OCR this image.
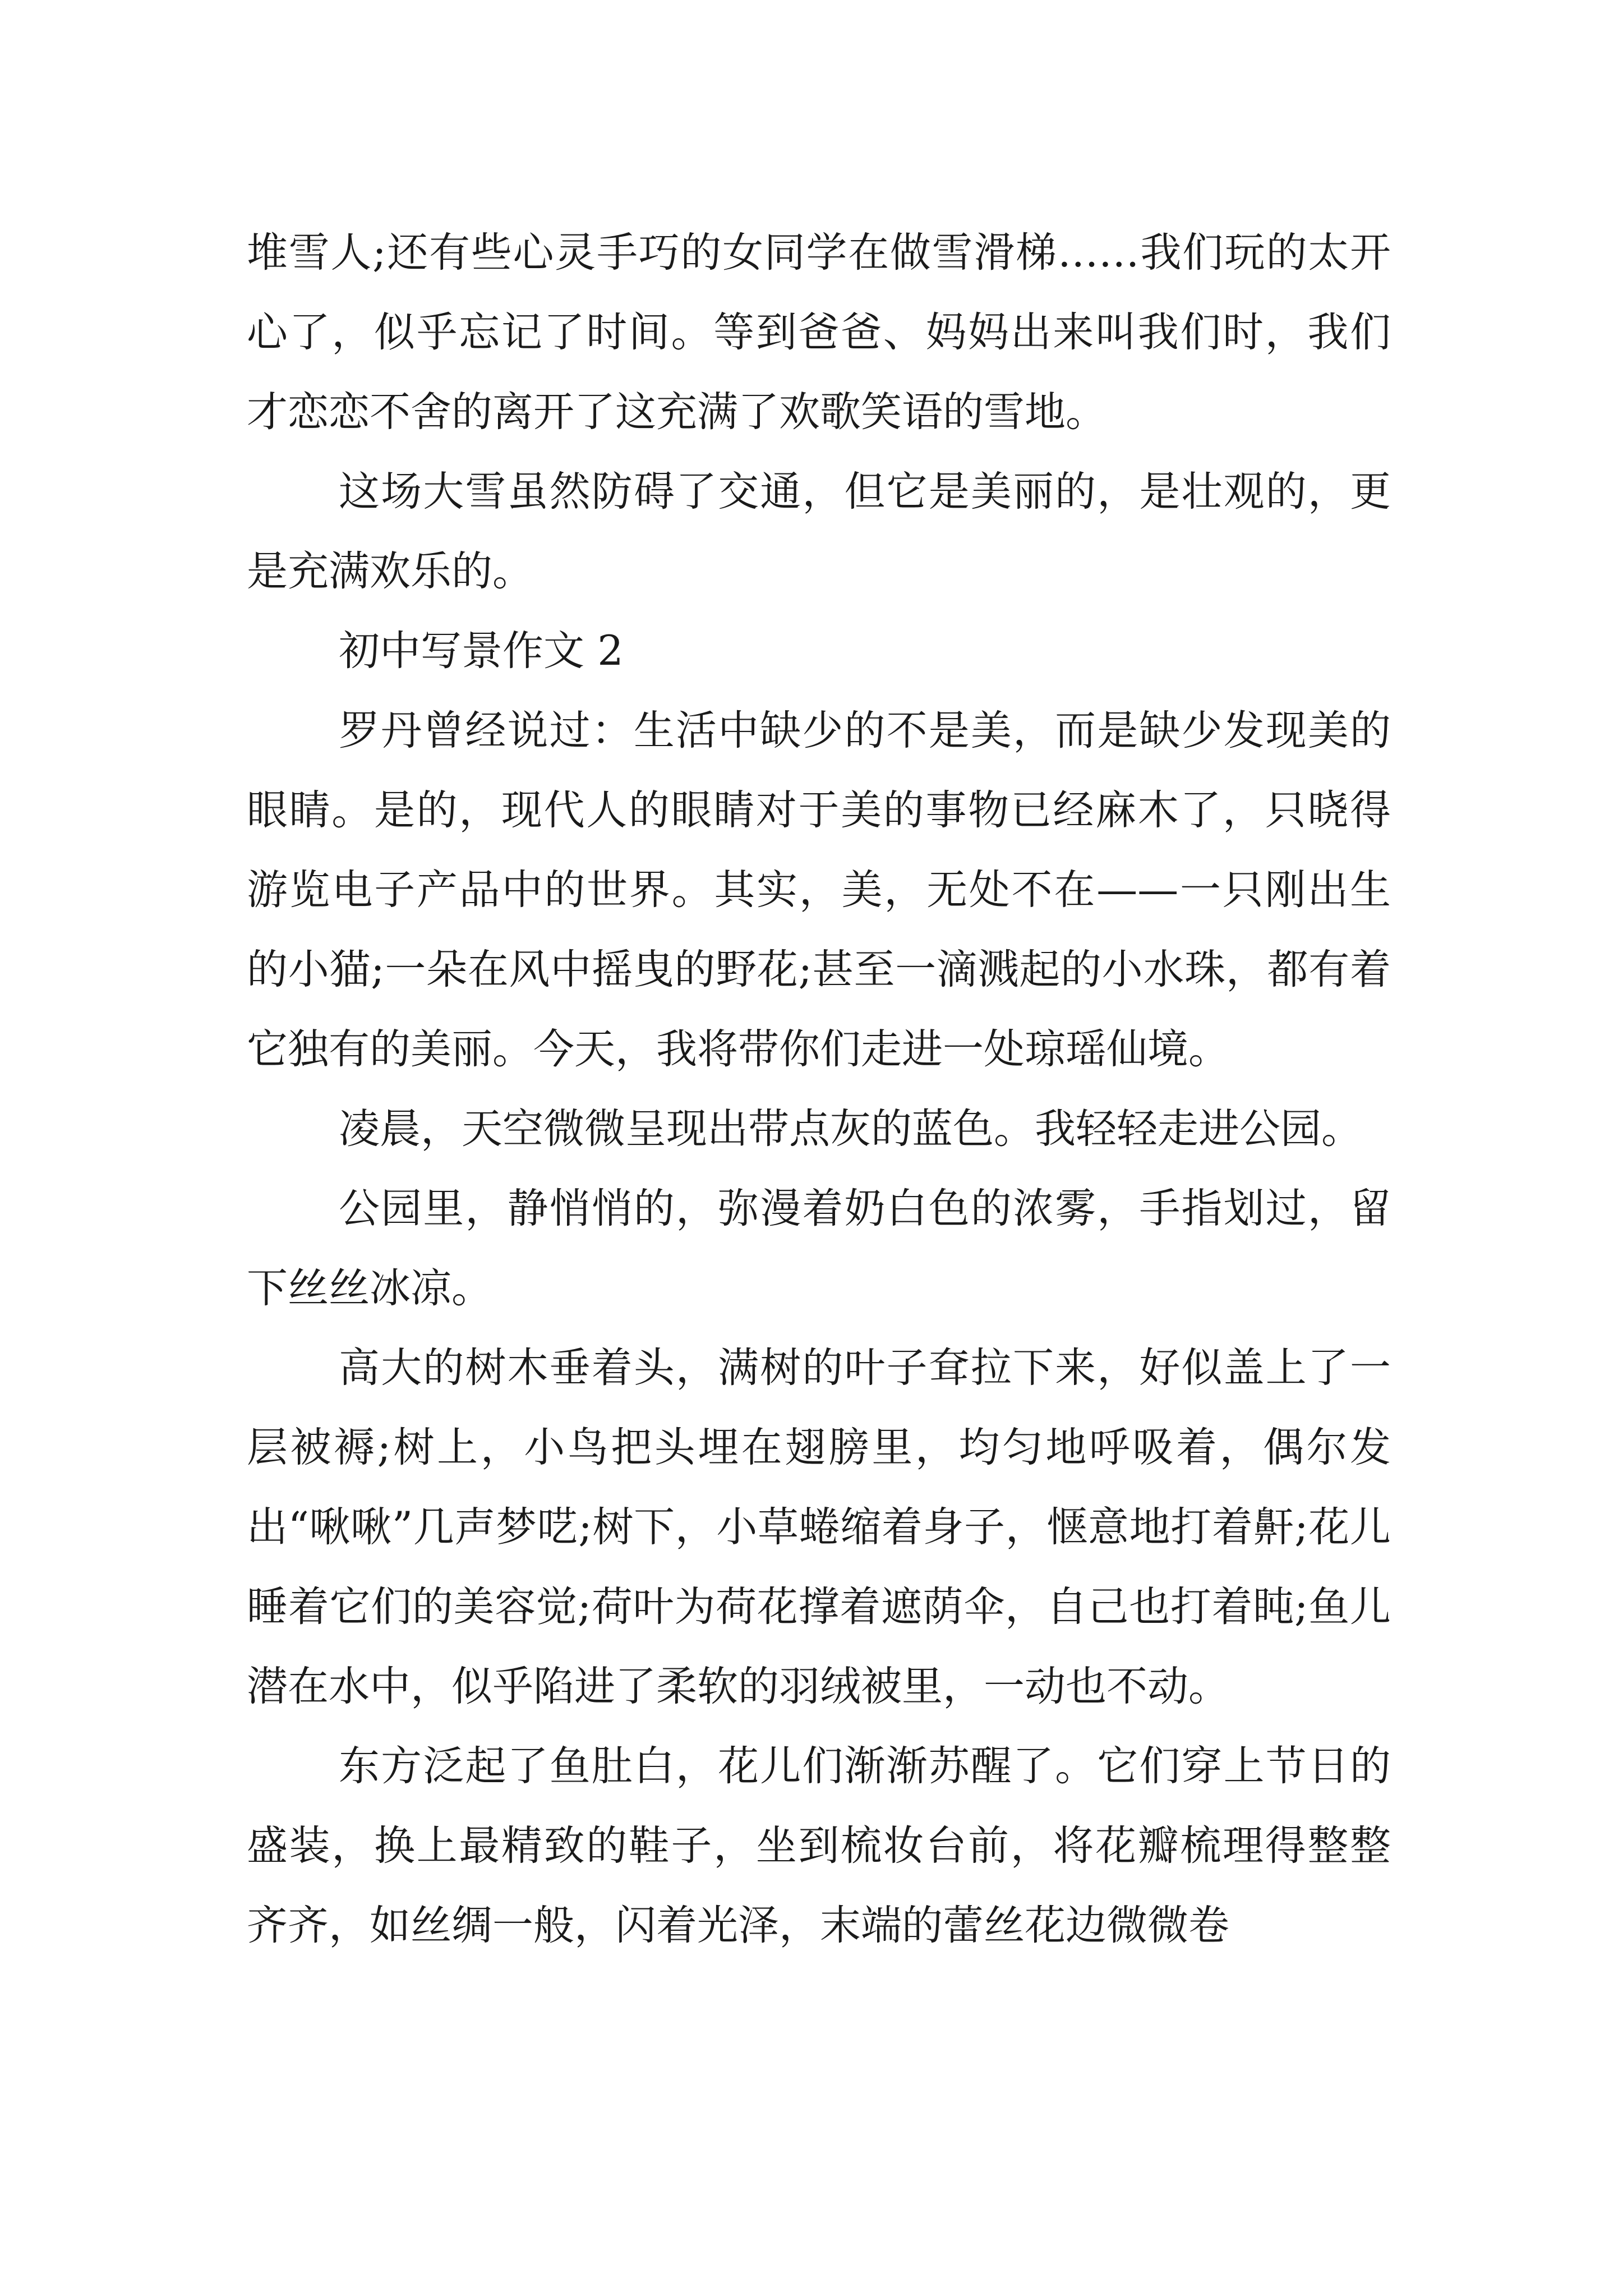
堆雪人;还有些心灵手巧的女同学在做雪滑梯……我们玩的太开心了，似乎忘记了时间。等到爸爸、妈妈出来叫我们时，我们才恋恋不舍的离开了这充满了欢歌笑语的雪地。

这场大雪虽然防碍了交通，但它是美丽的，是壮观的，更是充满欢乐的。

初中写景作文 2

罗丹曾经说过：生活中缺少的不是美，而是缺少发现美的眼睛。是的，现代人的眼睛对于美的事物已经麻木了，只晓得游览电子产品中的世界。其实，美，无处不在——一只刚出生的小猫;一朵在风中摇曳的野花;甚至一滴溅起的小水珠，都有着它独有的美丽。今天，我将带你们走进一处琼瑶仙境。

凌晨，天空微微呈现出带点灰的蓝色。我轻轻走进公园。

公园里，静悄悄的，弥漫着奶白色的浓雾，手指划过，留下丝丝冰凉。

高大的树木垂着头，满树的叶子耷拉下来，好似盖上了一层被褥;树上，小鸟把头埋在翅膀里，均匀地呼吸着，偶尔发出“啾啾”几声梦呓;树下，小草蜷缩着身子，惬意地打着鼾;花儿睡着它们的美容觉;荷叶为荷花撑着遮荫伞，自己也打着盹;鱼儿潜在水中，似乎陷进了柔软的羽绒被里，一动也不动。

东方泛起了鱼肚白，花儿们渐渐苏醒了。它们穿上节日的盛装，换上最精致的鞋子，坐到梳妆台前，将花瓣梳理得整整齐齐，如丝绸一般，闪着光泽，末端的蕾丝花边微微卷
